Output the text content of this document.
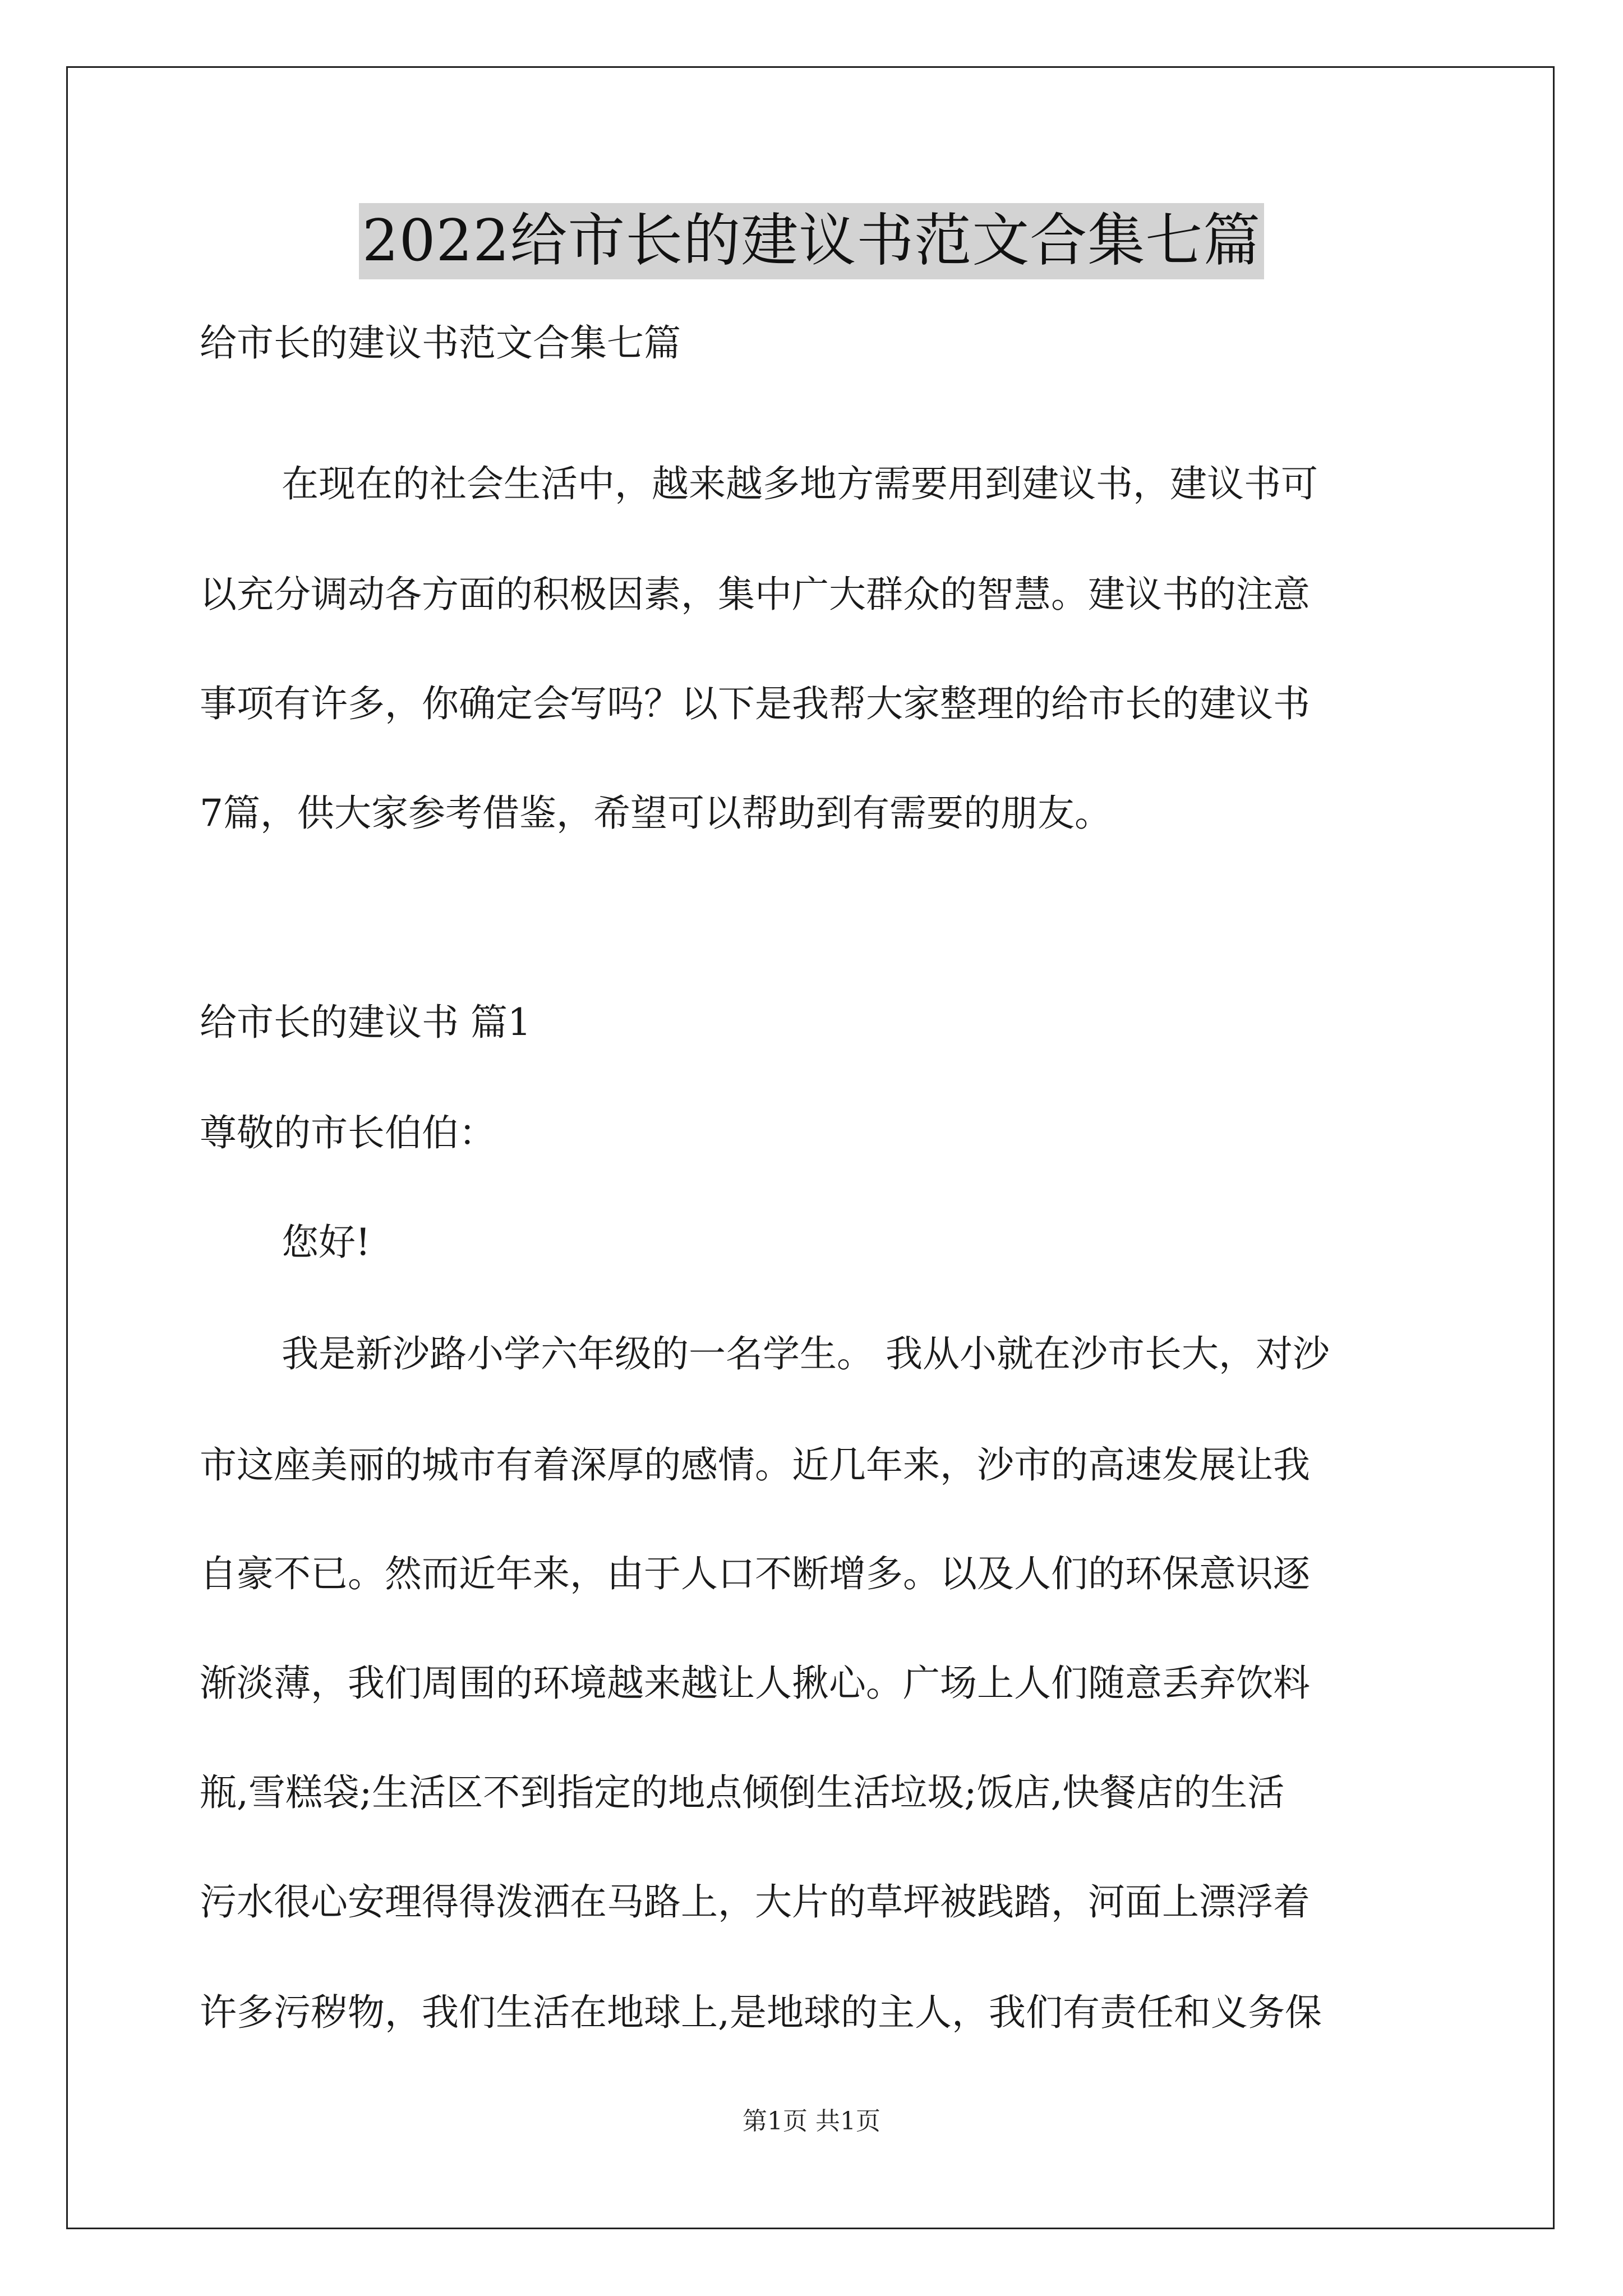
2022给市长的建议书范文合集七篇
给市长的建议书范文合集七篇
在现在的社会生活中，越来越多地方需要用到建议书，建议书可
以充分调动各方面的积极因素，集中广大群众的智慧。建议书的注意
事项有许多，你确定会写吗？以下是我帮大家整理的给市长的建议书
7篇，供大家参考借鉴，希望可以帮助到有需要的朋友。
给市长的建议书 篇1
尊敬的市长伯伯：
您好!
我是新沙路小学六年级的一名学生。 我从小就在沙市长大，对沙
市这座美丽的城市有着深厚的感情。近几年来，沙市的高速发展让我
自豪不已。然而近年来，由于人口不断增多。以及人们的环保意识逐
渐淡薄，我们周围的环境越来越让人揪心。广场上人们随意丢弃饮料
瓶,雪糕袋;生活区不到指定的地点倾倒生活垃圾;饭店,快餐店的生活
污水很心安理得得泼洒在马路上，大片的草坪被践踏，河面上漂浮着
许多污秽物，我们生活在地球上,是地球的主人，我们有责任和义务保
第1页 共1页
